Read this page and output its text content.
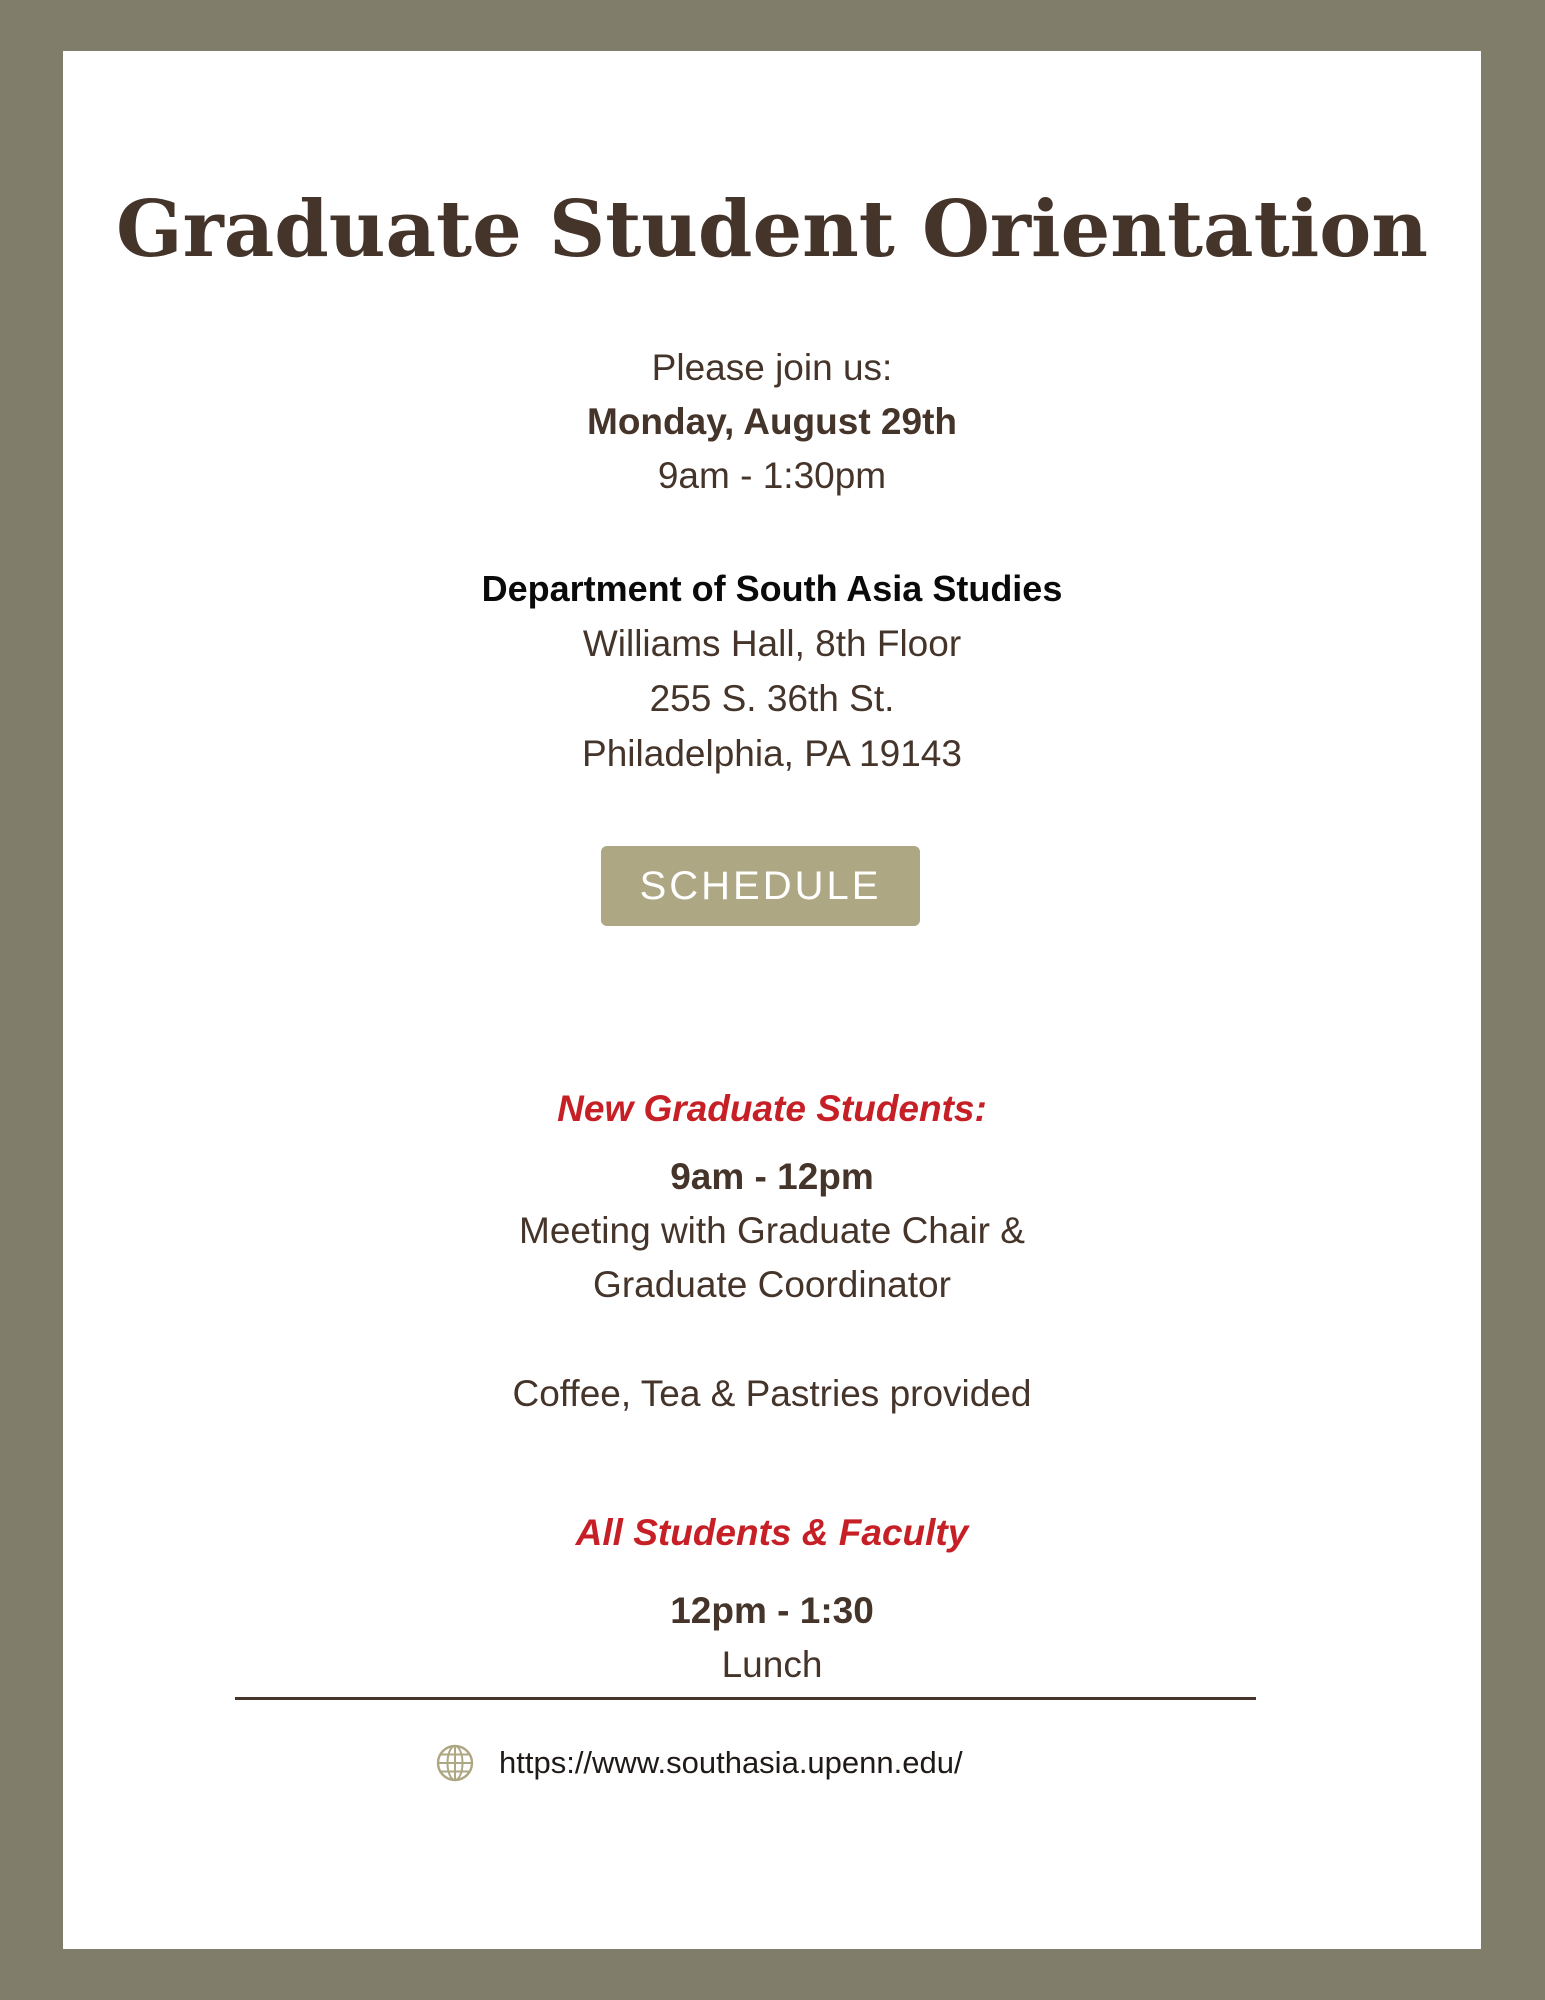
Graduate Student Orientation

Please join us:

Monday, August 29th

9am - 1:30pm

Department of South Asia Studies

Williams Hall, 8th Floor

255 S. 36th St.

Philadelphia, PA 19143

SCHEDULE

New Graduate Students:

9am - 12pm

Meeting with Graduate Chair &

Graduate Coordinator

Coffee, Tea & Pastries provided

All Students & Faculty

12pm - 1:30

Lunch

https://www.southasia.upenn.edu/
